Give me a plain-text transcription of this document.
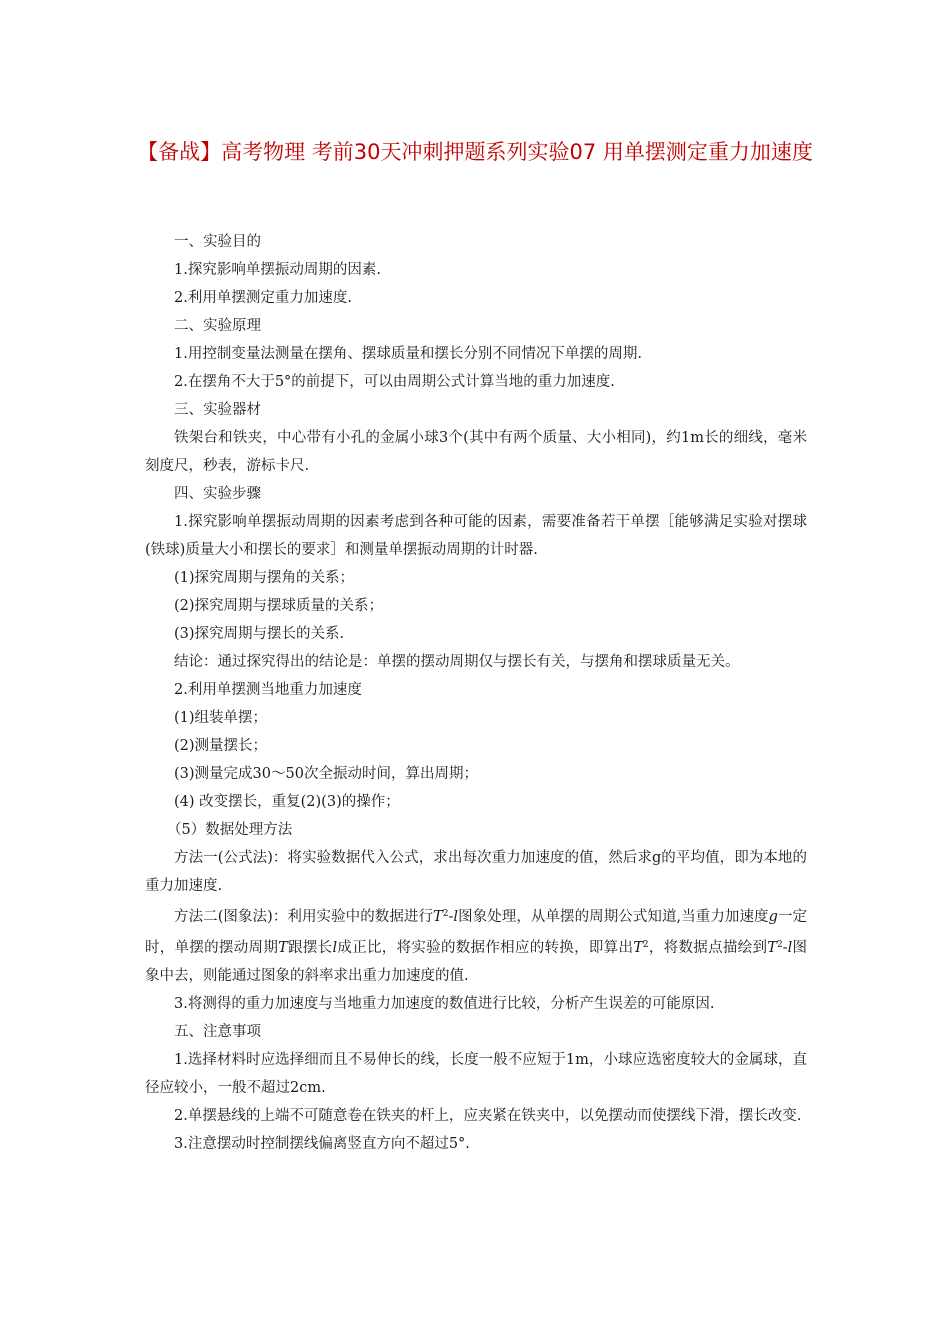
【备战】高考物理 考前30天冲刺押题系列实验07 用单摆测定重力加速度

一、实验目的

1.探究影响单摆振动周期的因素.

2.利用单摆测定重力加速度.

二、实验原理

1.用控制变量法测量在摆角、摆球质量和摆长分别不同情况下单摆的周期.

2.在摆角不大于5°的前提下，可以由周期公式计算当地的重力加速度.

三、实验器材

铁架台和铁夹，中心带有小孔的金属小球3个(其中有两个质量、大小相同)，约1m长的细线，毫米刻度尺，秒表，游标卡尺.

四、实验步骤

1.探究影响单摆振动周期的因素考虑到各种可能的因素，需要准备若干单摆［能够满足实验对摆球(铁球)质量大小和摆长的要求］和测量单摆振动周期的计时器.

(1)探究周期与摆角的关系；

(2)探究周期与摆球质量的关系；

(3)探究周期与摆长的关系.

结论：通过探究得出的结论是：单摆的摆动周期仅与摆长有关，与摆角和摆球质量无关。

2.利用单摆测当地重力加速度

(1)组装单摆；

(2)测量摆长；

(3)测量完成30～50次全振动时间，算出周期；

(4) 改变摆长，重复(2)(3)的操作；

（5）数据处理方法

方法一(公式法)：将实验数据代入公式，求出每次重力加速度的值，然后求g的平均值，即为本地的重力加速度.

方法二(图象法)：利用实验中的数据进行$T^2-l$图象处理，从单摆的周期公式知道,当重力加速度g一定时，单摆的摆动周期T跟摆长l成正比，将实验的数据作相应的转换，即算出$T^2$，将数据点描绘到$T^2-l$图象中去，则能通过图象的斜率求出重力加速度的值.

3.将测得的重力加速度与当地重力加速度的数值进行比较，分析产生误差的可能原因.

五、注意事项

1.选择材料时应选择细而且不易伸长的线，长度一般不应短于1m，小球应选密度较大的金属球，直径应较小，一般不超过2cm.

2.单摆悬线的上端不可随意卷在铁夹的杆上，应夹紧在铁夹中，以免摆动而使摆线下滑，摆长改变.

3.注意摆动时控制摆线偏离竖直方向不超过5°.
